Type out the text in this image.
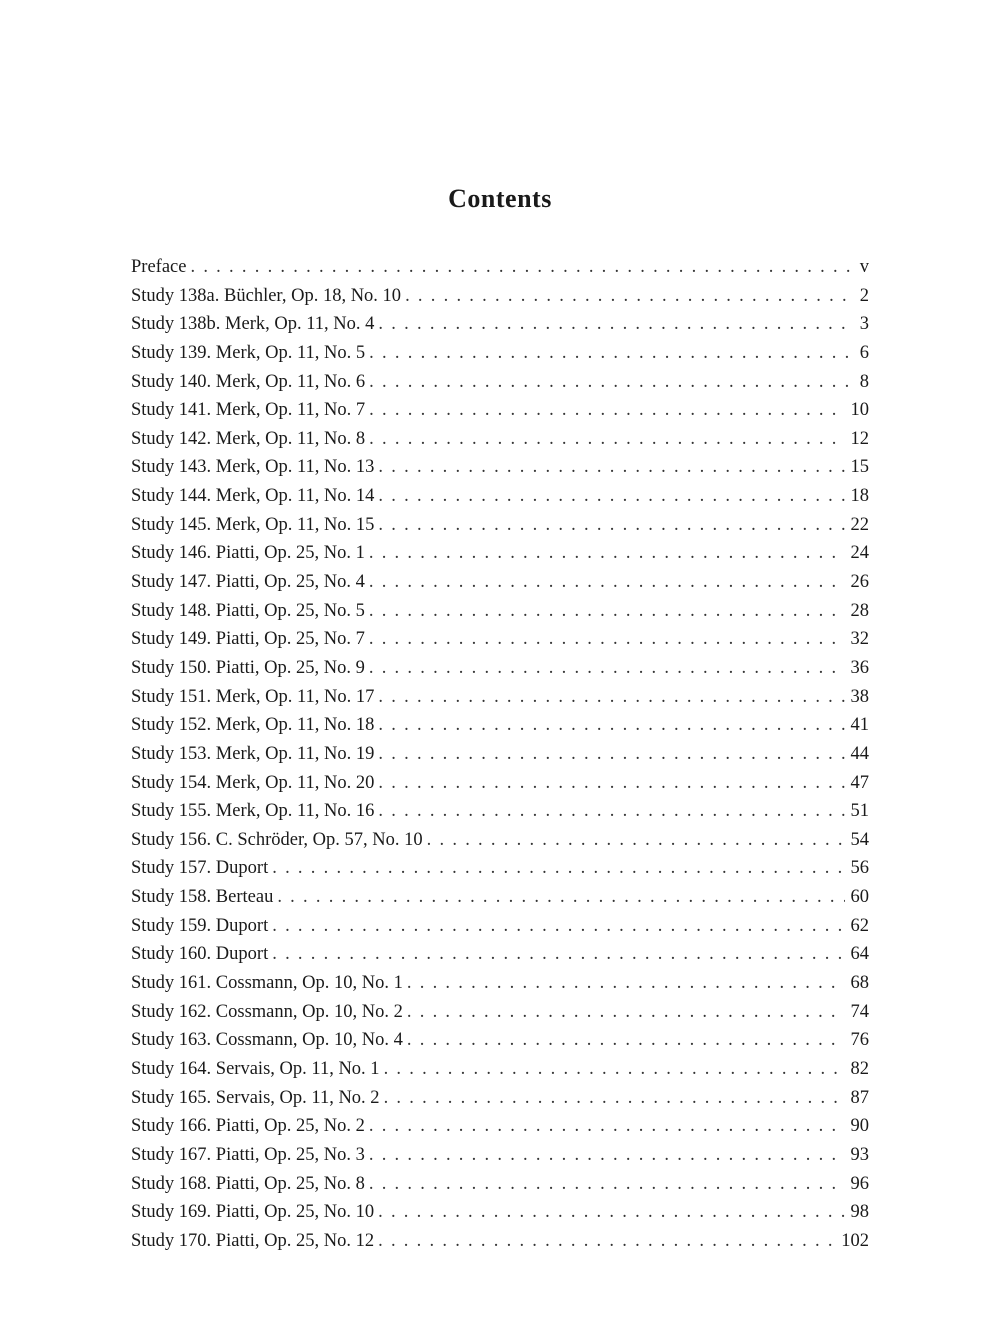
Contents
Preface . . .	v
Study 138a. Büchler, Op. 18, No. 10 . . .	2
Study 138b. Merk, Op. 11, No. 4 . . .	3
Study 139. Merk, Op. 11, No. 5 . . .	6
Study 140. Merk, Op. 11, No. 6 . . .	8
Study 141. Merk, Op. 11, No. 7 . . .	10
Study 142. Merk, Op. 11, No. 8 . . .	12
Study 143. Merk, Op. 11, No. 13 . . .	15
Study 144. Merk, Op. 11, No. 14 . . .	18
Study 145. Merk, Op. 11, No. 15 . . .	22
Study 146. Piatti, Op. 25, No. 1 . . .	24
Study 147. Piatti, Op. 25, No. 4 . . .	26
Study 148. Piatti, Op. 25, No. 5 . . .	28
Study 149. Piatti, Op. 25, No. 7 . . .	32
Study 150. Piatti, Op. 25, No. 9 . . .	36
Study 151. Merk, Op. 11, No. 17 . . .	38
Study 152. Merk, Op. 11, No. 18 . . .	41
Study 153. Merk, Op. 11, No. 19 . . .	44
Study 154. Merk, Op. 11, No. 20 . . .	47
Study 155. Merk, Op. 11, No. 16 . . .	51
Study 156. C. Schröder, Op. 57, No. 10 . . .	54
Study 157. Duport . . .	56
Study 158. Berteau . . .	60
Study 159. Duport . . .	62
Study 160. Duport . . .	64
Study 161. Cossmann, Op. 10, No. 1 . . .	68
Study 162. Cossmann, Op. 10, No. 2 . . .	74
Study 163. Cossmann, Op. 10, No. 4 . . .	76
Study 164. Servais, Op. 11, No. 1 . . .	82
Study 165. Servais, Op. 11, No. 2 . . .	87
Study 166. Piatti, Op. 25, No. 2 . . .	90
Study 167. Piatti, Op. 25, No. 3 . . .	93
Study 168. Piatti, Op. 25, No. 8 . . .	96
Study 169. Piatti, Op. 25, No. 10 . . .	98
Study 170. Piatti, Op. 25, No. 12 . . .	102
